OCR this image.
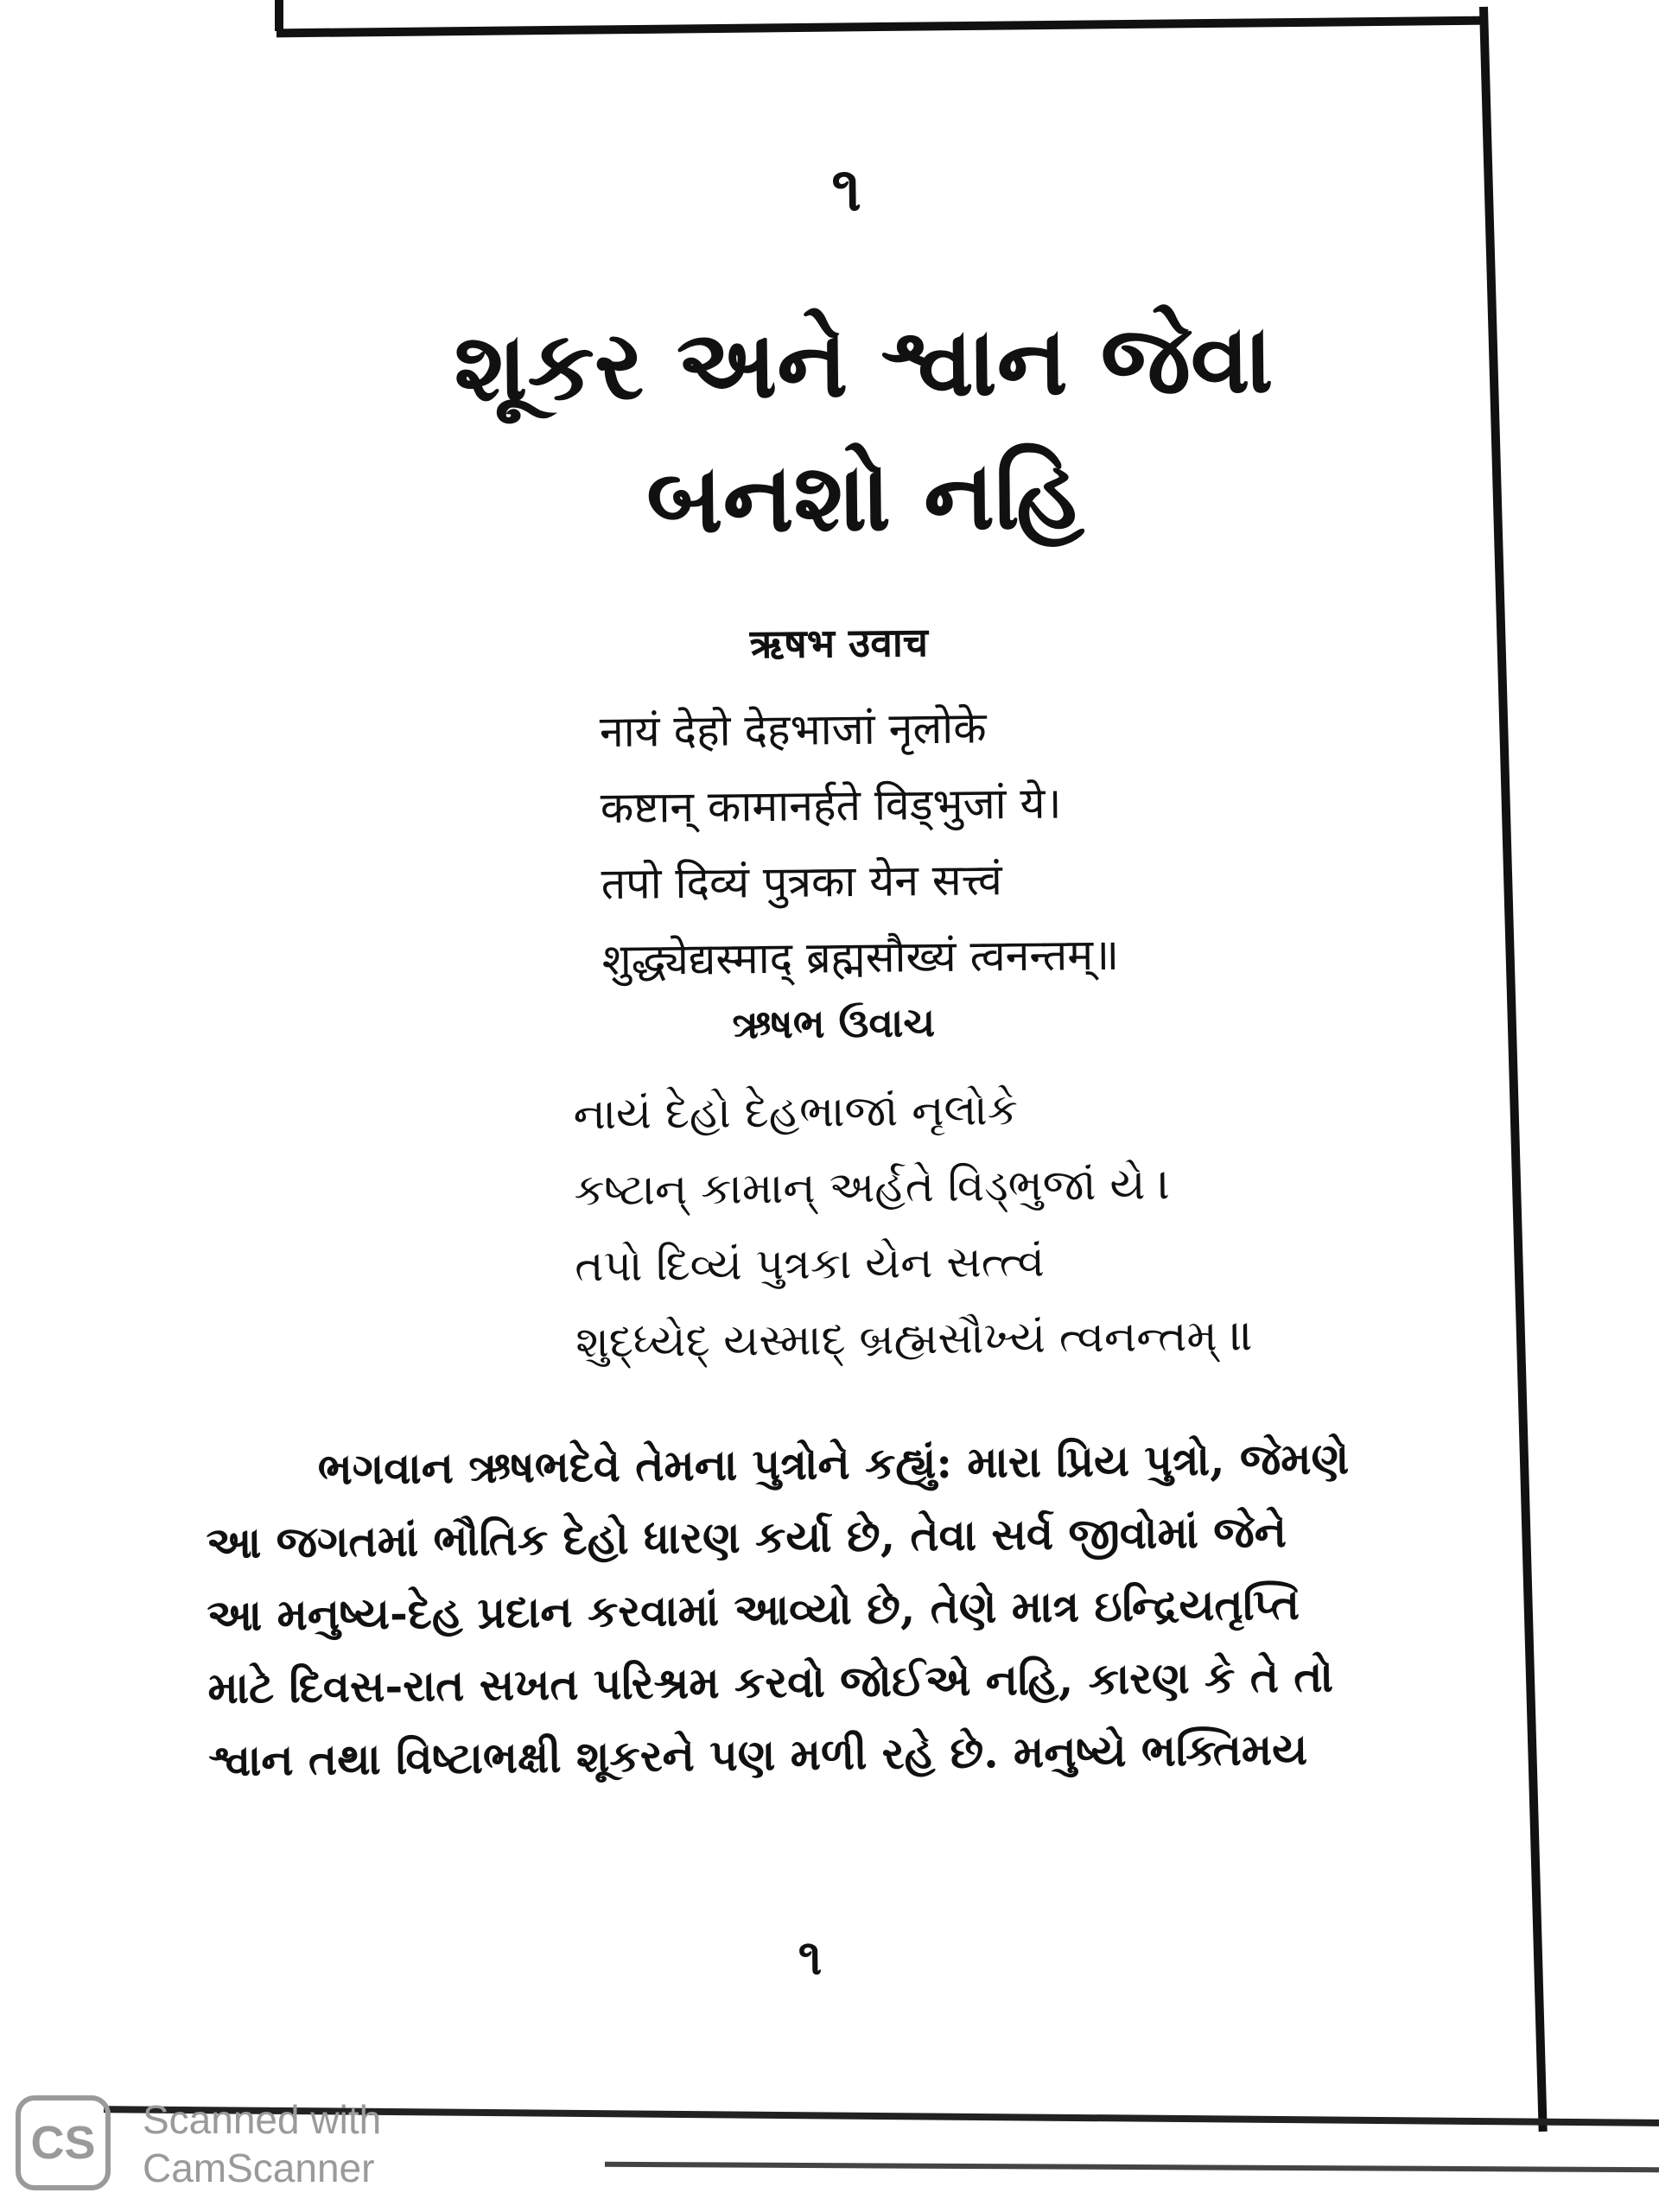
૧
શૂકર અને શ્વાન જેવા
બનશો નહિ
ऋषभ उवाच
नायं देहो देहभाजां नृलोके
कष्टान् कामानर्हते विड्भुजां ये।
तपो दिव्यं पुत्रका येन सत्त्वं
शुद्ध्येद्यस्माद् ब्रह्मसौख्यं त्वनन्तम्॥
ઋષભ ઉવાચ
નાયં દેહો દેહભાજાં નૃલોકે
કષ્ટાન્ કામાન્ અર્હતે વિડ્ભુજાં યે ।
તપો દિવ્યં પુત્રકા યેન સત્ત્વં
શુદ્ધ્યેદ્ યસ્માદ્ બ્રહ્મસૌખ્યં ત્વનન્તમ્ ॥
ભગવાન ઋષભદેવે તેમના પુત્રોને કહ્યું: મારા પ્રિય પુત્રો, જેમણે
આ જગતમાં ભૌતિક દેહો ધારણ કર્યા છે, તેવા સર્વ જીવોમાં જેને
આ મનુષ્ય-દેહ પ્રદાન કરવામાં આવ્યો છે, તેણે માત્ર ઇન્દ્રિયતૃપ્તિ
માટે દિવસ-રાત સખત પરિશ્રમ કરવો જોઈએ નહિ, કારણ કે તે તો
શ્વાન તથા વિષ્ટાભક્ષી શૂકરને પણ મળી રહે છે. મનુષ્યે ભક્તિમય
૧
CS	Scanned with
CamScanner
